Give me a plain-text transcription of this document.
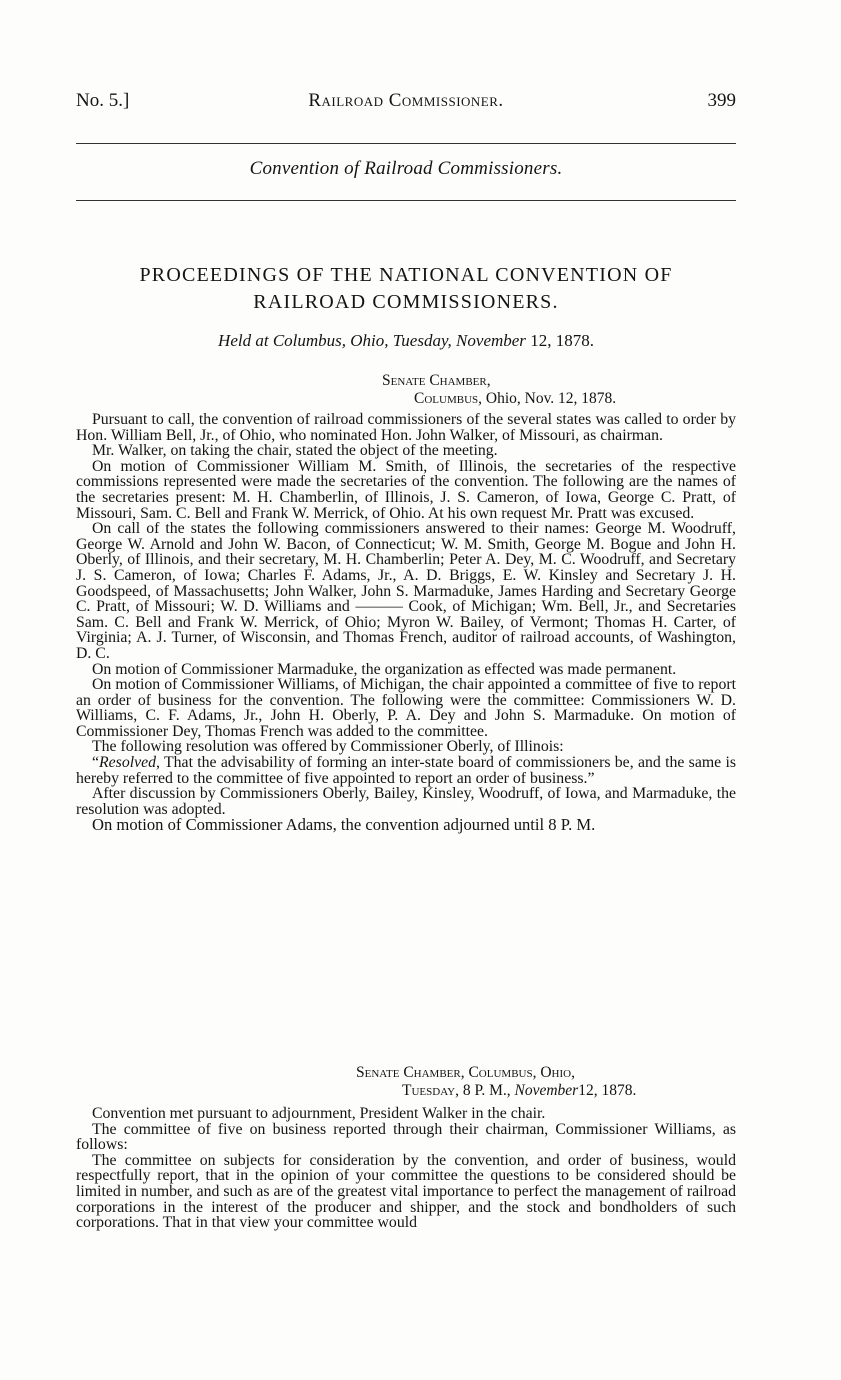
No. 5.]	Railroad Commissioner.	399
Convention of Railroad Commissioners.
PROCEEDINGS OF THE NATIONAL CONVENTION OF
RAILROAD COMMISSIONERS.
Held at Columbus, Ohio, Tuesday, November 12, 1878.
Senate Chamber,
Columbus, Ohio, Nov. 12, 1878.

Pursuant to call, the convention of railroad commissioners of the several states was called to order by Hon. William Bell, Jr., of Ohio, who nominated Hon. John Walker, of Missouri, as chairman.

Mr. Walker, on taking the chair, stated the object of the meeting.

On motion of Commissioner William M. Smith, of Illinois, the secretaries of the respective commissions represented were made the secretaries of the convention. The following are the names of the secretaries present: M. H. Chamberlin, of Illinois, J. S. Cameron, of Iowa, George C. Pratt, of Missouri, Sam. C. Bell and Frank W. Merrick, of Ohio. At his own request Mr. Pratt was excused.

On call of the states the following commissioners answered to their names: George M. Woodruff, George W. Arnold and John W. Bacon, of Connecticut; W. M. Smith, George M. Bogue and John H. Oberly, of Illinois, and their secretary, M. H. Chamberlin; Peter A. Dey, M. C. Woodruff, and Secretary J. S. Cameron, of Iowa; Charles F. Adams, Jr., A. D. Briggs, E. W. Kinsley and Secretary J. H. Goodspeed, of Massachusetts; John Walker, John S. Marmaduke, James Harding and Secretary George C. Pratt, of Missouri; W. D. Williams and ——— Cook, of Michigan; Wm. Bell, Jr., and Secretaries Sam. C. Bell and Frank W. Merrick, of Ohio; Myron W. Bailey, of Vermont; Thomas H. Carter, of Virginia; A. J. Turner, of Wisconsin, and Thomas French, auditor of railroad accounts, of Washington, D. C.

On motion of Commissioner Marmaduke, the organization as effected was made permanent.

On motion of Commissioner Williams, of Michigan, the chair appointed a committee of five to report an order of business for the convention. The following were the committee: Commissioners W. D. Williams, C. F. Adams, Jr., John H. Oberly, P. A. Dey and John S. Marmaduke. On motion of Commissioner Dey, Thomas French was added to the committee.

The following resolution was offered by Commissioner Oberly, of Illinois:

“Resolved, That the advisability of forming an inter-state board of commissioners be, and the same is hereby referred to the committee of five appointed to report an order of business.”

After discussion by Commissioners Oberly, Bailey, Kinsley, Woodruff, of Iowa, and Marmaduke, the resolution was adopted.

On motion of Commissioner Adams, the convention adjourned until 8 P. M.

Senate Chamber, Columbus, Ohio,
Tuesday, 8 P. M., November12, 1878.

Convention met pursuant to adjournment, President Walker in the chair.

The committee of five on business reported through their chairman, Commissioner Williams, as follows:

The committee on subjects for consideration by the convention, and order of business, would respectfully report, that in the opinion of your committee the questions to be considered should be limited in number, and such as are of the greatest vital importance to perfect the management of railroad corporations in the interest of the producer and shipper, and the stock and bondholders of such corporations. That in that view your committee would
